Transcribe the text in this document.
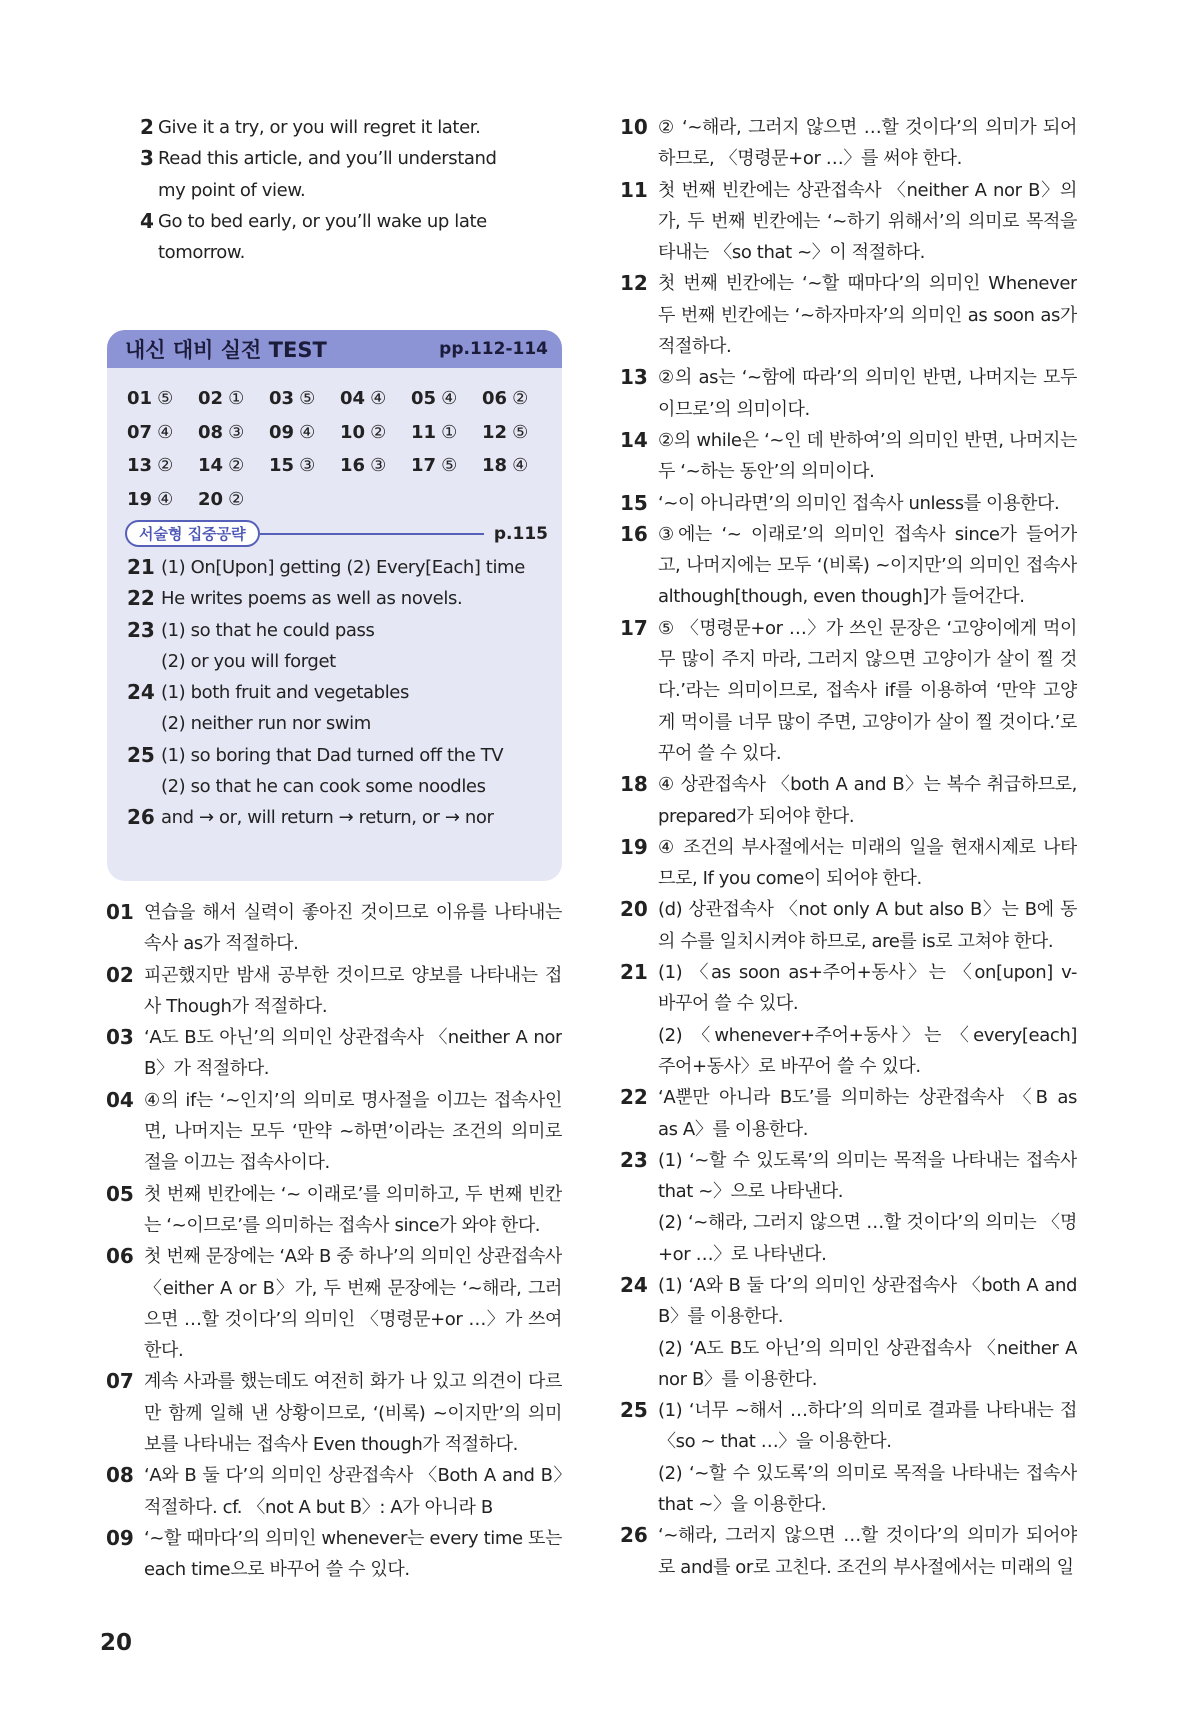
2 Give it a try, or you will regret it later.
3 Read this article, and you’ll understand
my point of view.
4 Go to bed early, or you’ll wake up late
tomorrow.
내신 대비 실전 TEST	pp.112-114
01 ⑤	02 ①	03 ⑤	04 ④	05 ④	06 ②
07 ④	08 ③	09 ④	10 ②	11 ①	12 ⑤
13 ②	14 ②	15 ③	16 ③	17 ⑤	18 ④
19 ④	20 ②
서술형 집중공략	p.115
21 (1) On[Upon] getting (2) Every[Each] time
22 He writes poems as well as novels.
23 (1) so that he could pass
(2) or you will forget
24 (1) both fruit and vegetables
(2) neither run nor swim
25 (1) so boring that Dad turned off the TV
(2) so that he can cook some noodles
26 and → or, will return → return, or → nor
01 연습을 해서 실력이 좋아진 것이므로 이유를 나타내는
속사 as가 적절하다.
02 피곤했지만 밤새 공부한 것이므로 양보를 나타내는 접
사 Though가 적절하다.
03 ‘A도 B도 아닌’의 의미인 상관접속사 〈neither A nor
B〉가 적절하다.
04 ④의 if는 ‘~인지’의 의미로 명사절을 이끄는 접속사인
면, 나머지는 모두 ‘만약 ~하면’이라는 조건의 의미로
절을 이끄는 접속사이다.
05 첫 번째 빈칸에는 ‘~ 이래로’를 의미하고, 두 번째 빈칸
는 ‘~이므로’를 의미하는 접속사 since가 와야 한다.
06 첫 번째 문장에는 ‘A와 B 중 하나’의 의미인 상관접속사
〈either A or B〉가, 두 번째 문장에는 ‘~해라, 그러
으면 …할 것이다’의 의미인 〈명령문+or …〉가 쓰여
한다.
07 계속 사과를 했는데도 여전히 화가 나 있고 의견이 다르
만 함께 일해 낸 상황이므로, ‘(비록) ~이지만’의 의미
보를 나타내는 접속사 Even though가 적절하다.
08 ‘A와 B 둘 다’의 의미인 상관접속사 〈Both A and B〉
적절하다. cf. 〈not A but B〉: A가 아니라 B
09 ‘~할 때마다’의 의미인 whenever는 every time 또는
each time으로 바꾸어 쓸 수 있다.
10 ② ‘~해라, 그러지 않으면 …할 것이다’의 의미가 되어
하므로, 〈명령문+or …〉를 써야 한다.
11 첫 번째 빈칸에는 상관접속사 〈neither A nor B〉의
가, 두 번째 빈칸에는 ‘~하기 위해서’의 의미로 목적을
타내는 〈so that ~〉이 적절하다.
12 첫 번째 빈칸에는 ‘~할 때마다’의 의미인 Whenever
두 번째 빈칸에는 ‘~하자마자’의 의미인 as soon as가
적절하다.
13 ②의 as는 ‘~함에 따라’의 의미인 반면, 나머지는 모두
이므로’의 의미이다.
14 ②의 while은 ‘~인 데 반하여’의 의미인 반면, 나머지는
두 ‘~하는 동안’의 의미이다.
15 ‘~이 아니라면’의 의미인 접속사 unless를 이용한다.
16 ③에는 ‘~ 이래로’의 의미인 접속사 since가 들어가
고, 나머지에는 모두 ‘(비록) ~이지만’의 의미인 접속사
although[though, even though]가 들어간다.
17 ⑤ 〈명령문+or …〉가 쓰인 문장은 ‘고양이에게 먹이
무 많이 주지 마라, 그러지 않으면 고양이가 살이 찔 것
다.’라는 의미이므로, 접속사 if를 이용하여 ‘만약 고양
게 먹이를 너무 많이 주면, 고양이가 살이 찔 것이다.’로
꾸어 쓸 수 있다.
18 ④ 상관접속사 〈both A and B〉는 복수 취급하므로,
prepared가 되어야 한다.
19 ④ 조건의 부사절에서는 미래의 일을 현재시제로 나타
므로, If you come이 되어야 한다.
20 (d) 상관접속사 〈not only A but also B〉는 B에 동
의 수를 일치시켜야 하므로, are를 is로 고쳐야 한다.
21 (1) 〈as soon as+주어+동사〉는 〈on[upon] v-
바꾸어 쓸 수 있다.
(2) 〈whenever+주어+동사〉는 〈every[each]
주어+동사〉로 바꾸어 쓸 수 있다.
22 ‘A뿐만 아니라 B도’를 의미하는 상관접속사 〈B as
as A〉를 이용한다.
23 (1) ‘~할 수 있도록’의 의미는 목적을 나타내는 접속사
that ~〉으로 나타낸다.
(2) ‘~해라, 그러지 않으면 …할 것이다’의 의미는 〈명
+or …〉로 나타낸다.
24 (1) ‘A와 B 둘 다’의 의미인 상관접속사 〈both A and
B〉를 이용한다.
(2) ‘A도 B도 아닌’의 의미인 상관접속사 〈neither A
nor B〉를 이용한다.
25 (1) ‘너무 ~해서 …하다’의 의미로 결과를 나타내는 접
〈so ~ that …〉을 이용한다.
(2) ‘~할 수 있도록’의 의미로 목적을 나타내는 접속사
that ~〉을 이용한다.
26 ‘~해라, 그러지 않으면 …할 것이다’의 의미가 되어야
로 and를 or로 고친다. 조건의 부사절에서는 미래의 일
20
